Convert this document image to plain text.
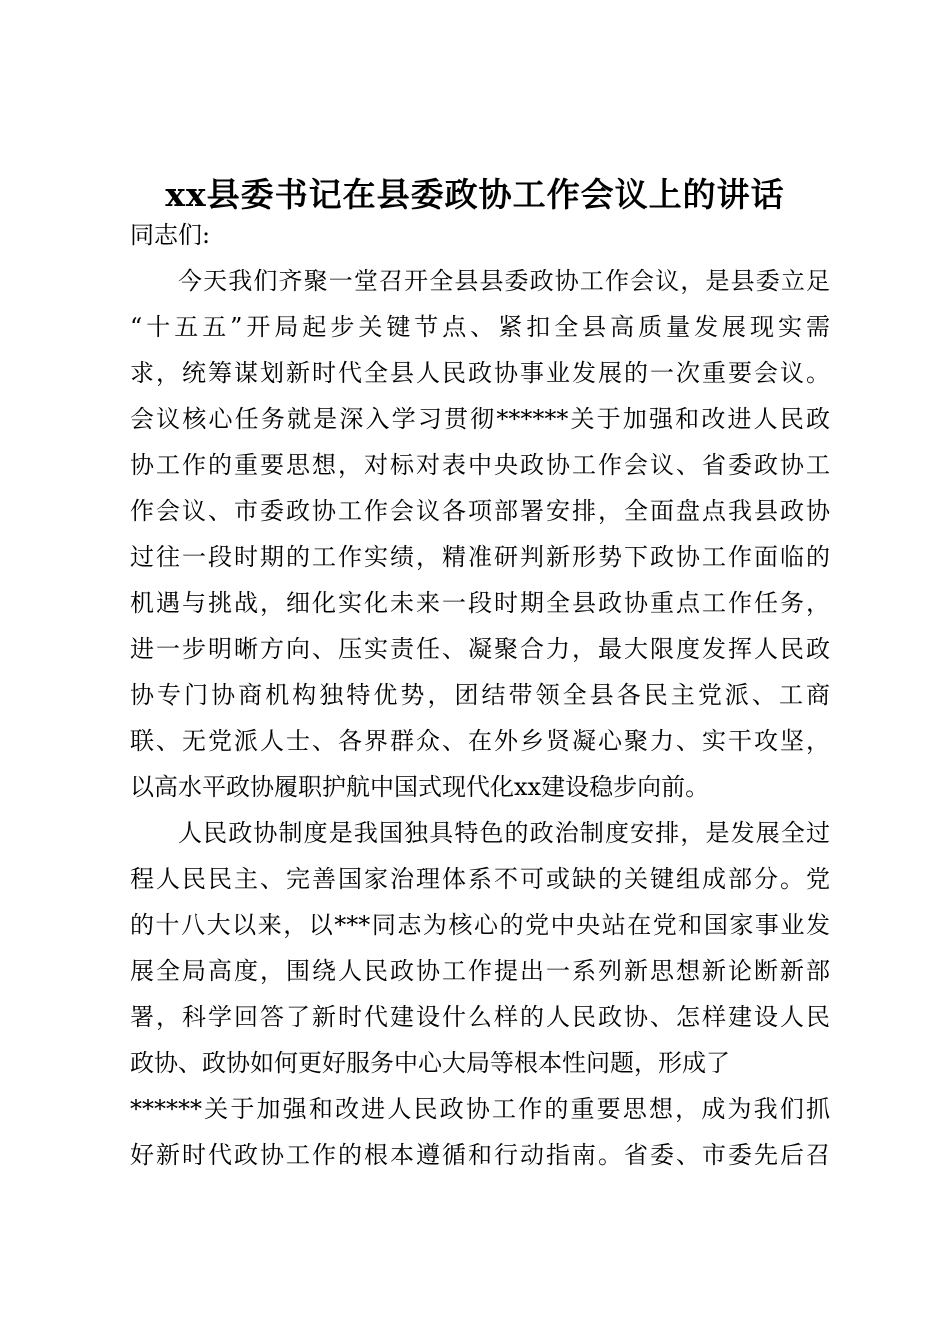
xx县委书记在县委政协工作会议上的讲话
同志们:
今天我们齐聚一堂召开全县县委政协工作会议，是县委立足
“十五五”开局起步关键节点、紧扣全县高质量发展现实需
求，统筹谋划新时代全县人民政协事业发展的一次重要会议。
会议核心任务就是深入学习贯彻******关于加强和改进人民政
协工作的重要思想，对标对表中央政协工作会议、省委政协工
作会议、市委政协工作会议各项部署安排，全面盘点我县政协
过往一段时期的工作实绩，精准研判新形势下政协工作面临的
机遇与挑战，细化实化未来一段时期全县政协重点工作任务，
进一步明晰方向、压实责任、凝聚合力，最大限度发挥人民政
协专门协商机构独特优势，团结带领全县各民主党派、工商
联、无党派人士、各界群众、在外乡贤凝心聚力、实干攻坚，
以高水平政协履职护航中国式现代化xx建设稳步向前。
人民政协制度是我国独具特色的政治制度安排，是发展全过
程人民民主、完善国家治理体系不可或缺的关键组成部分。党
的十八大以来，以***同志为核心的党中央站在党和国家事业发
展全局高度，围绕人民政协工作提出一系列新思想新论断新部
署，科学回答了新时代建设什么样的人民政协、怎样建设人民
政协、政协如何更好服务中心大局等根本性问题，形成了
******关于加强和改进人民政协工作的重要思想，成为我们抓
好新时代政协工作的根本遵循和行动指南。省委、市委先后召
